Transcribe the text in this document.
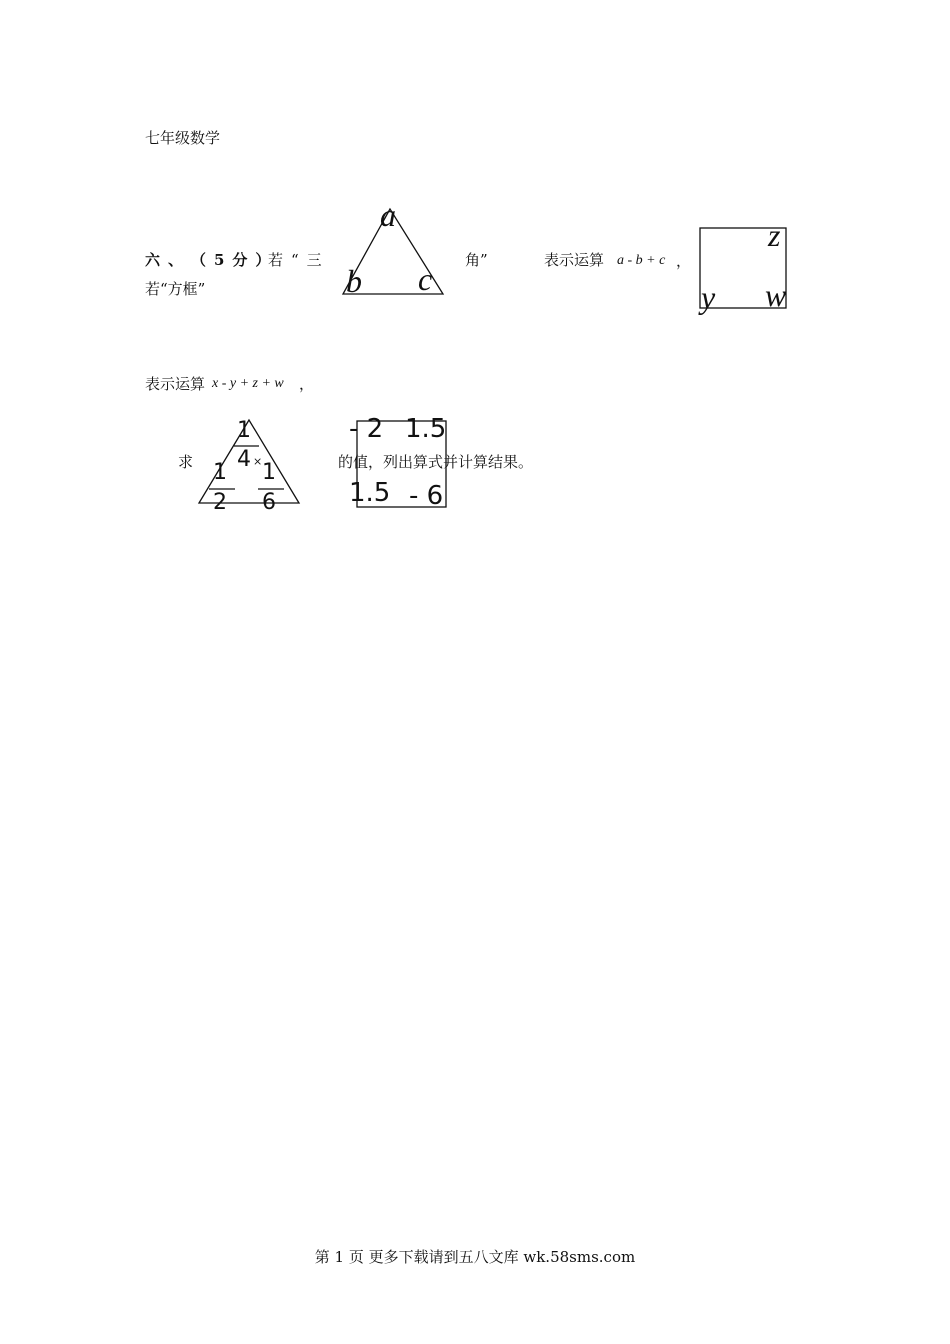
七年级数学
六、 （5分）
若“三	角”	表示运算 a - b + c ，
若“方框”
a
b c
z
y w
表示运算 x - y + z + w ，
求	×	的值，列出算式并计算结果。
1
4
1
2
1
6
- 2 1.5
1.5 - 6
第 1 页 更多下载请到五八文库 wk.58sms.com
